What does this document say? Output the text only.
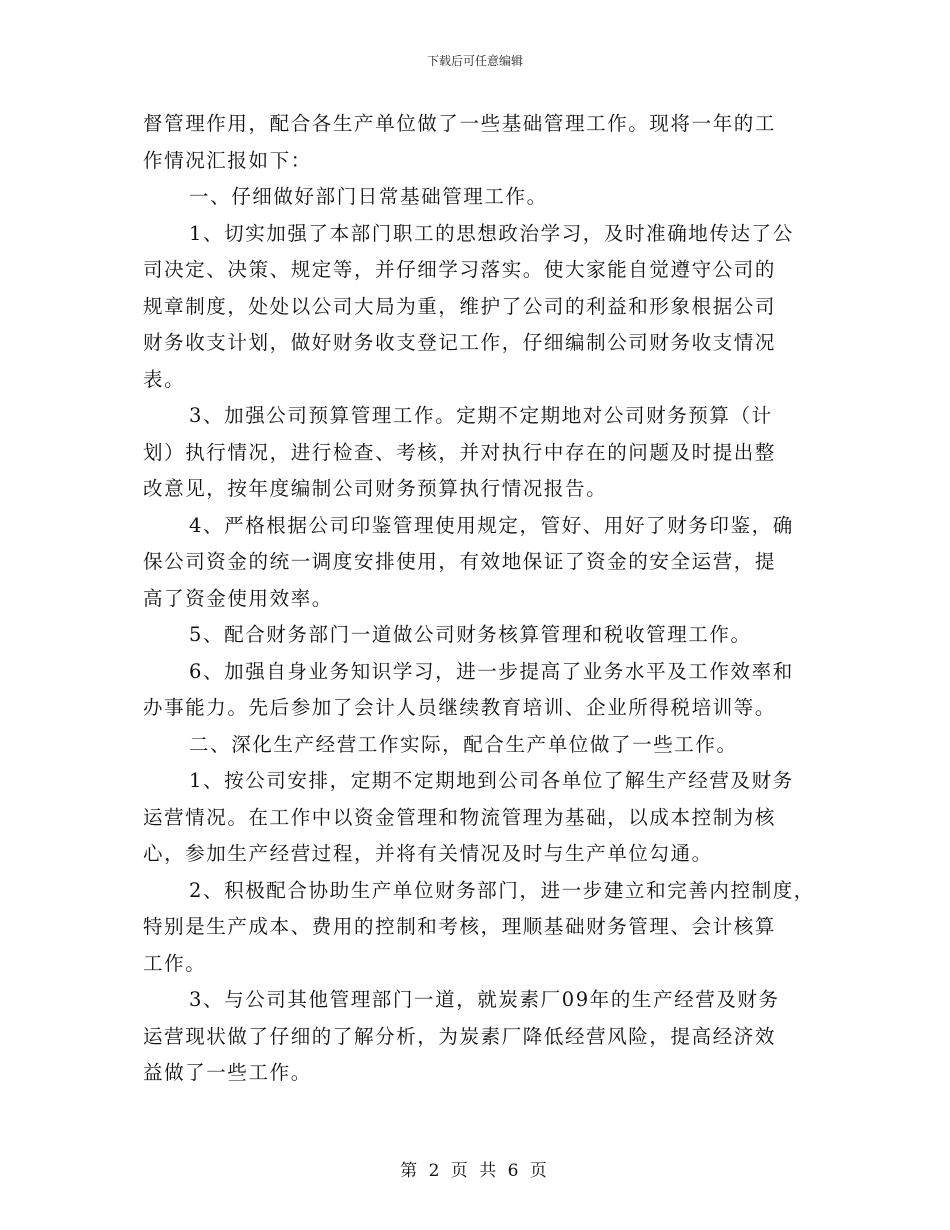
下载后可任意编辑
督管理作用，配合各生产单位做了一些基础管理工作。现将一年的工
作情况汇报如下：
一、仔细做好部门日常基础管理工作。
1、切实加强了本部门职工的思想政治学习，及时准确地传达了公
司决定、决策、规定等，并仔细学习落实。使大家能自觉遵守公司的
规章制度，处处以公司大局为重，维护了公司的利益和形象根据公司
财务收支计划，做好财务收支登记工作，仔细编制公司财务收支情况
表。
3、加强公司预算管理工作。定期不定期地对公司财务预算（计
划）执行情况，进行检查、考核，并对执行中存在的问题及时提出整
改意见，按年度编制公司财务预算执行情况报告。
4、严格根据公司印鉴管理使用规定，管好、用好了财务印鉴，确
保公司资金的统一调度安排使用，有效地保证了资金的安全运营，提
高了资金使用效率。
5、配合财务部门一道做公司财务核算管理和税收管理工作。
6、加强自身业务知识学习，进一步提高了业务水平及工作效率和
办事能力。先后参加了会计人员继续教育培训、企业所得税培训等。
二、深化生产经营工作实际，配合生产单位做了一些工作。
1、按公司安排，定期不定期地到公司各单位了解生产经营及财务
运营情况。在工作中以资金管理和物流管理为基础，以成本控制为核
心，参加生产经营过程，并将有关情况及时与生产单位勾通。
2、积极配合协助生产单位财务部门，进一步建立和完善内控制度，
特别是生产成本、费用的控制和考核，理顺基础财务管理、会计核算
工作。
3、与公司其他管理部门一道，就炭素厂09年的生产经营及财务
运营现状做了仔细的了解分析，为炭素厂降低经营风险，提高经济效
益做了一些工作。
第 2 页 共 6 页
